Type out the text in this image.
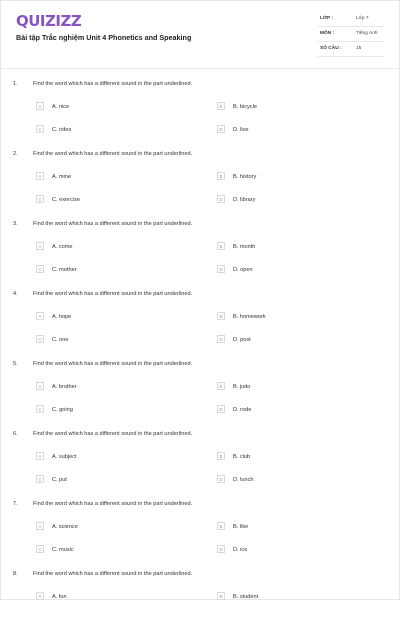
QUIZIZZ
Bài tập Trắc nghiệm Unit 4 Phonetics and Speaking
LỚP :	Lớp 7
MÔN :	Tiếng Anh
SỐ CÂU :	15
1.	Find the word which has a different sound in the part underlined.
A	A. nice	B	B. bicycle
C	C. rides	D	D. live
2.	Find the word which has a different sound in the part underlined.
A	A. mine	B	B. history
C	C. exercise	D	D. library
3.	Find the word which has a different sound in the part underlined.
A	A. come	B	B. month
C	C. mother	D	D. open
4.	Find the word which has a different sound in the part underlined.
A	A. hope	B	B. homework
C	C. one	D	D. post
5.	Find the word which has a different sound in the part underlined.
A	A. brother	B	B. judo
C	C. going	D	D. rode
6.	Find the word which has a different sound in the part underlined.
A	A. subject	B	B. club
C	C. put	D	D. lunch
7.	Find the word which has a different sound in the part underlined.
A	A. science	B	B. like
C	C. music	D	D. ice
8.	Find the word which has a different sound in the part underlined.
A	A. fun	B	B. student
